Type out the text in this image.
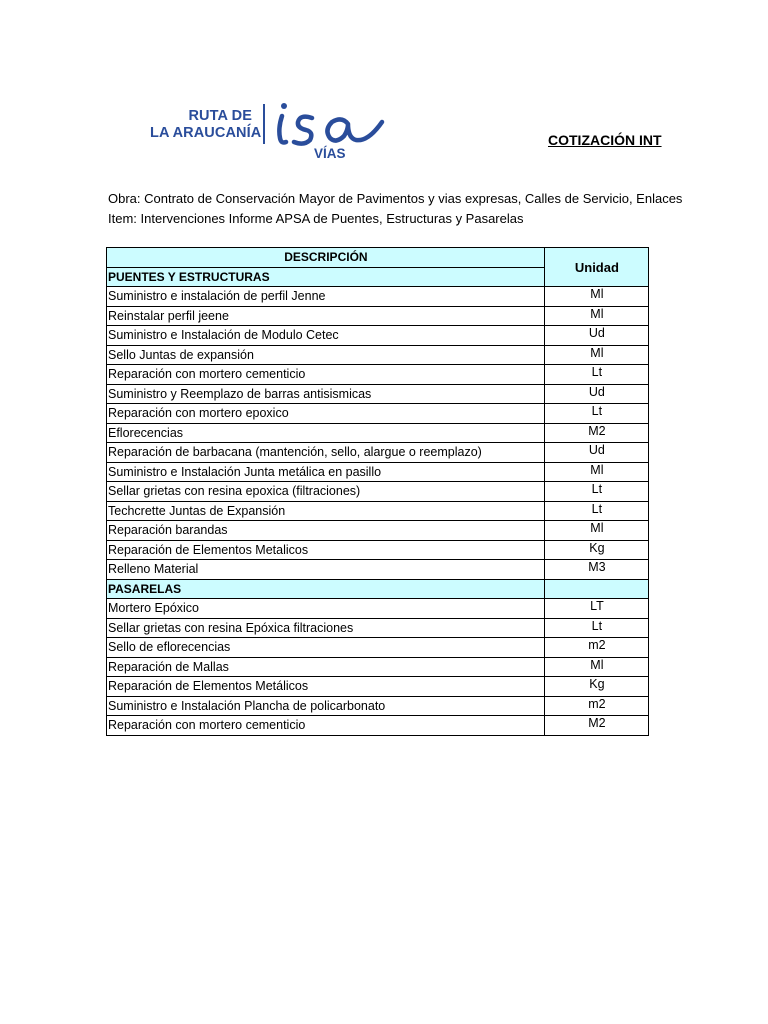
RUTA DE
LA ARAUCANÍA
VÍAS
COTIZACIÓN INT
Obra: Contrato de Conservación Mayor de Pavimentos y vias expresas, Calles de Servicio, Enlaces
Item: Intervenciones Informe APSA de Puentes, Estructuras y Pasarelas
DESCRIPCIÓN	Unidad
PUENTES Y ESTRUCTURAS	
Suministro e instalación de perfil Jenne	Ml
Reinstalar perfil jeene	Ml
Suministro e Instalación de Modulo Cetec	Ud
Sello Juntas de expansión	Ml
Reparación con mortero cementicio	Lt
Suministro y Reemplazo de barras antisismicas	Ud
Reparación con mortero epoxico	Lt
Eflorecencias	M2
Reparación de barbacana (mantención, sello, alargue o reemplazo)	Ud
Suministro e Instalación Junta metálica en pasillo	Ml
Sellar grietas con resina epoxica (filtraciones)	Lt
Techcrette Juntas de Expansión	Lt
Reparación barandas	Ml
Reparación de Elementos Metalicos	Kg
Relleno Material	M3
PASARELAS	
Mortero Epóxico	LT
Sellar grietas con resina Epóxica filtraciones	Lt
Sello de eflorecencias	m2
Reparación de Mallas	Ml
Reparación de Elementos Metálicos	Kg
Suministro e Instalación Plancha de policarbonato	m2
Reparación con mortero cementicio	M2
